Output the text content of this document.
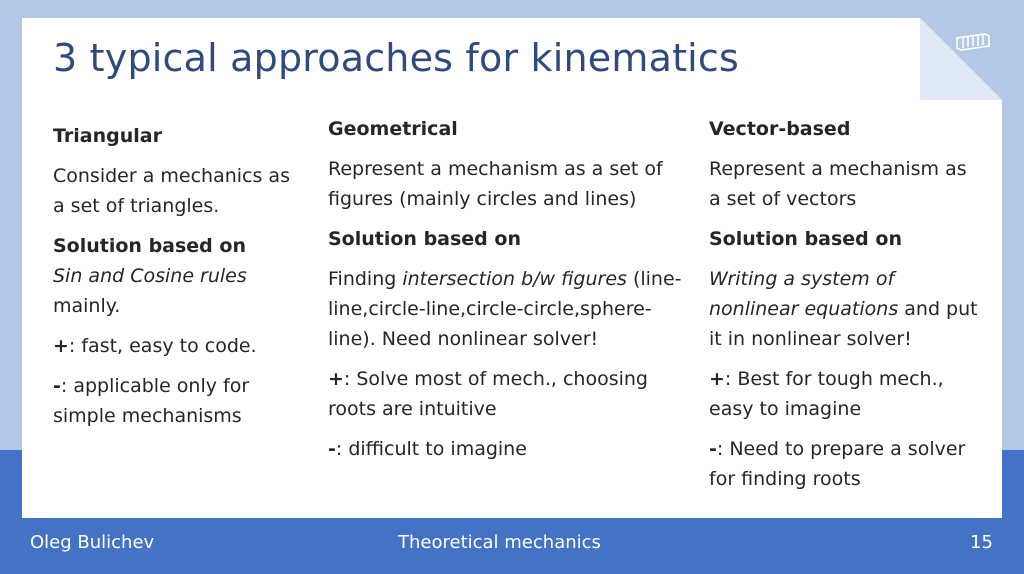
3 typical approaches for kinematics

Triangular

Consider a mechanics as a set of triangles.

Solution based on
Sin and Cosine rules mainly.

+: fast, easy to code.

-: applicable only for simple mechanisms

Geometrical

Represent a mechanism as a set of figures (mainly circles and lines)

Solution based on

Finding intersection b/w figures (line-line,circle-line,circle-circle,sphere-line). Need nonlinear solver!

+: Solve most of mech., choosing roots are intuitive

-: difficult to imagine

Vector-based

Represent a mechanism as a set of vectors

Solution based on

Writing a system of nonlinear equations and put it in nonlinear solver!

+: Best for tough mech., easy to imagine

-: Need to prepare a solver for finding roots

Oleg Bulichev	Theoretical mechanics	15
